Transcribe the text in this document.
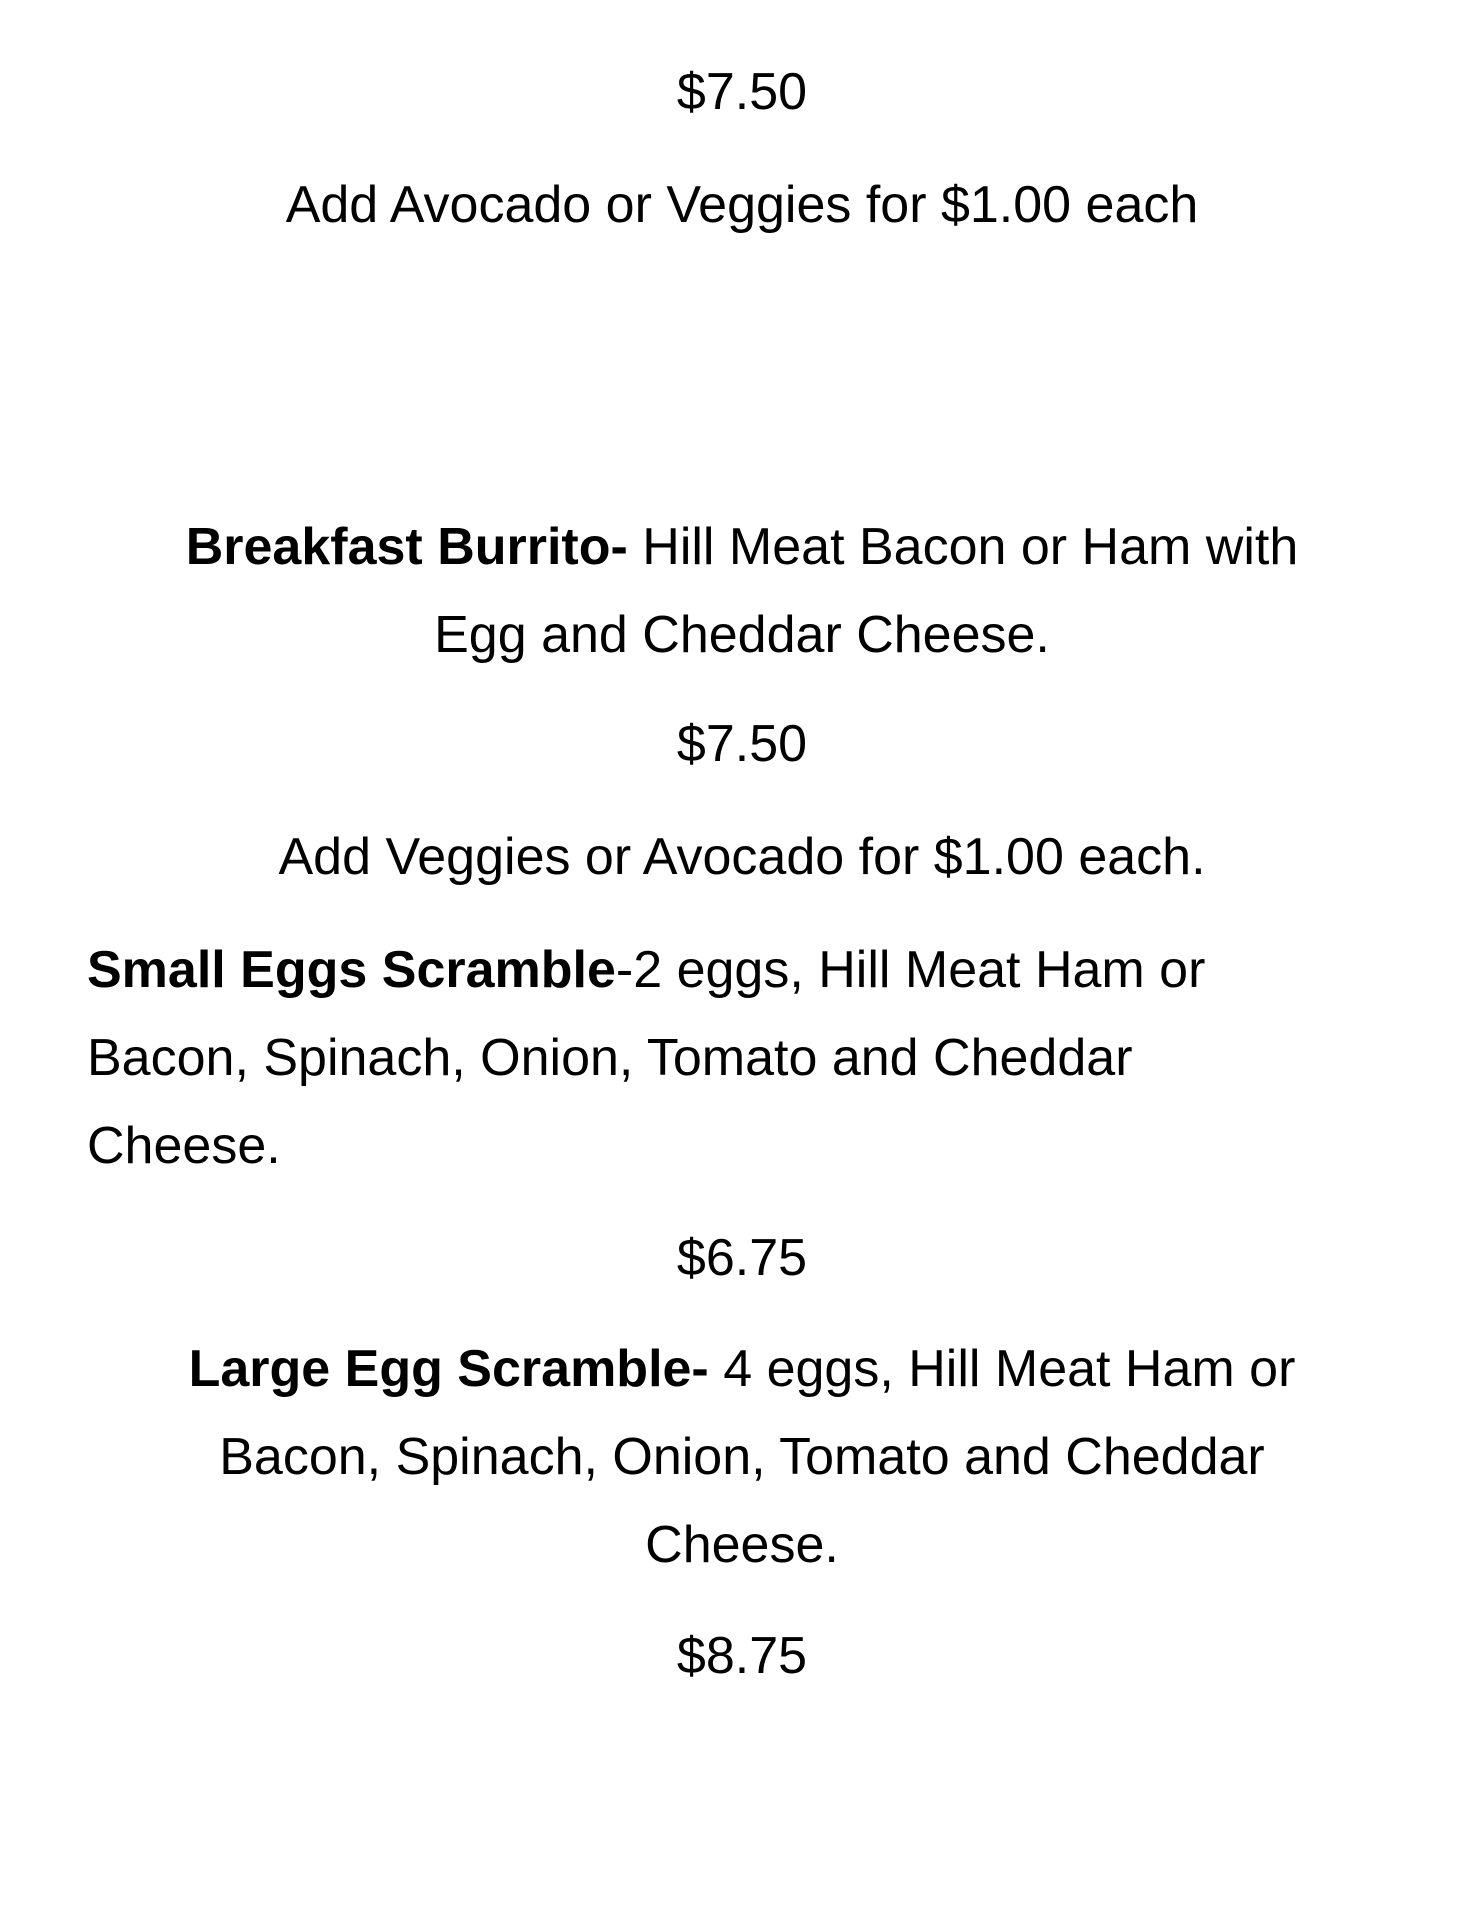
$7.50
Add Avocado or Veggies for $1.00 each
Breakfast Burrito- Hill Meat Bacon or Ham with
Egg and Cheddar Cheese.
$7.50
Add Veggies or Avocado for $1.00 each.
Small Eggs Scramble-2 eggs, Hill Meat Ham or
Bacon, Spinach, Onion, Tomato and Cheddar
Cheese.
$6.75
Large Egg Scramble- 4 eggs, Hill Meat Ham or
Bacon, Spinach, Onion, Tomato and Cheddar
Cheese.
$8.75
